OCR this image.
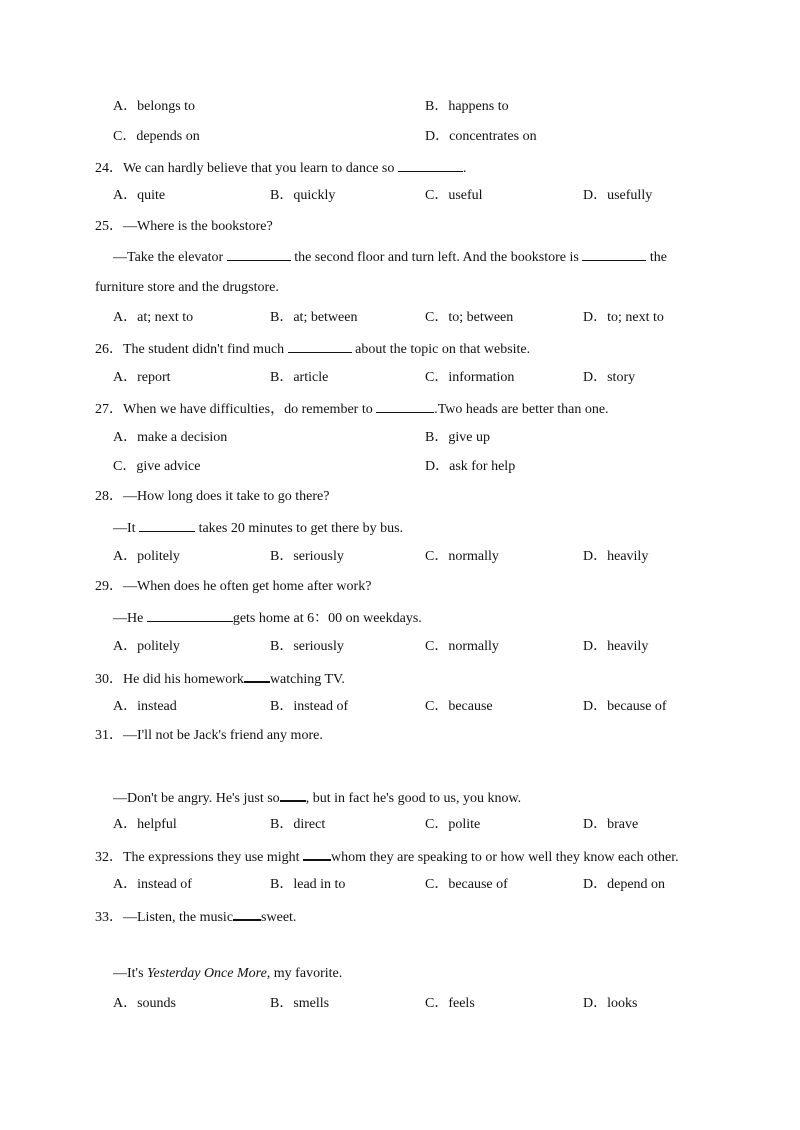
A．belongs to	B．happens to
C．depends on	D．concentrates on
24．We can hardly believe that you learn to dance so	.
A．quite	B．quickly	C．useful	D．usefully
25．—Where is the bookstore?
—Take the elevator	the second floor and turn left. And the bookstore is	the
furniture store and the drugstore.
A．at; next to	B．at; between	C．to; between	D．to; next to
26．The student didn't find much	about the topic on that website.
A．report	B．article	C．information	D．story
27．When we have difficulties，do remember to	.Two heads are better than one.
A．make a decision	B．give up
C．give advice	D．ask for help
28．—How long does it take to go there?
—It	takes 20 minutes to get there by bus.
A．politely	B．seriously	C．normally	D．heavily
29．—When does he often get home after work?
—He	gets home at 6：00 on weekdays.
A．politely	B．seriously	C．normally	D．heavily
30．He did his homework watching TV.
A．instead	B．instead of	C．because	D．because of
31．—I'll not be Jack's friend any more.
—Don't be angry. He's just so , but in fact he's good to us, you know.
A．helpful	B．direct	C．polite	D．brave
32．The expressions they use might whom they are speaking to or how well they know each other.
A．instead of	B．lead in to	C．because of	D．depend on
33．—Listen, the music sweet.
—It's Yesterday Once More, my favorite.
A．sounds	B．smells	C．feels	D．looks
